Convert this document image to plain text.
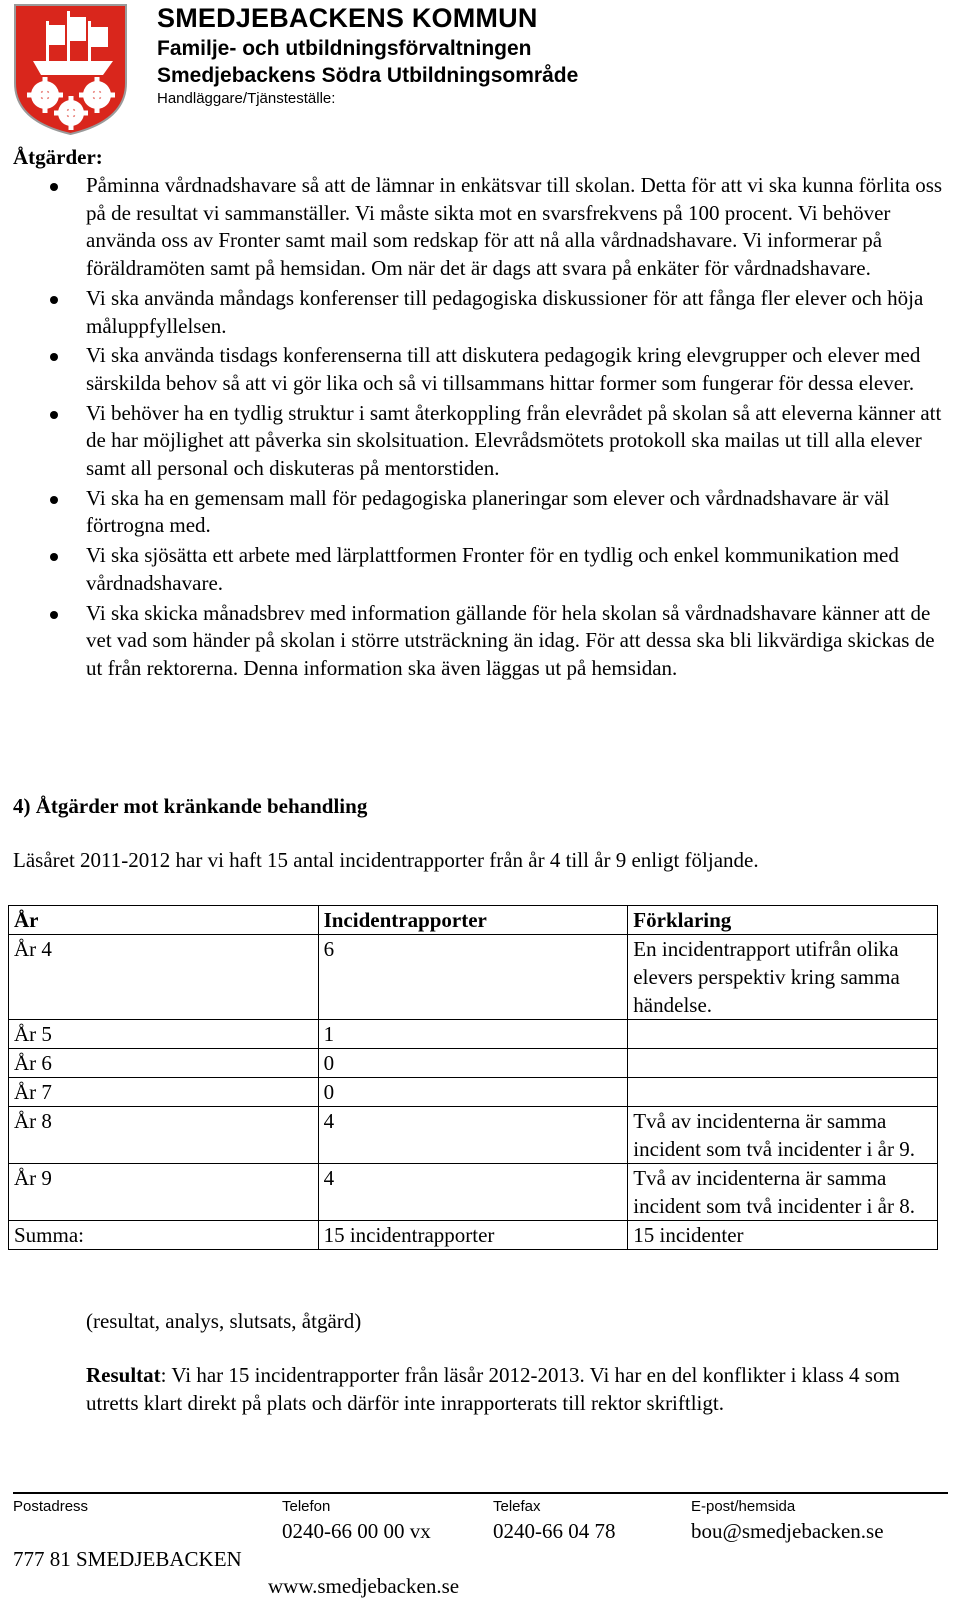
SMEDJEBACKENS KOMMUN
Familje- och utbildningsförvaltningen
Smedjebackens Södra Utbildningsområde
Handläggare/Tjänsteställe:
Åtgärder:
Påminna vårdnadshavare så att de lämnar in enkätsvar till skolan. Detta för att vi ska kunna förlita oss på de resultat vi sammanställer. Vi måste sikta mot en svarsfrekvens på 100 procent. Vi behöver använda oss av Fronter samt mail som redskap för att nå alla vårdnadshavare. Vi informerar på föräldramöten samt på hemsidan. Om när det är dags att svara på enkäter för vårdnadshavare.
Vi ska använda måndags konferenser till pedagogiska diskussioner för att fånga fler elever och höja måluppfyllelsen.
Vi ska använda tisdags konferenserna till att diskutera pedagogik kring elevgrupper och elever med särskilda behov så att vi gör lika och så vi tillsammans hittar former som fungerar för dessa elever.
Vi behöver ha en tydlig struktur i samt återkoppling från elevrådet på skolan så att eleverna känner att de har möjlighet att påverka sin skolsituation. Elevrådsmötets protokoll ska mailas ut till alla elever samt all personal och diskuteras på mentorstiden.
Vi ska ha en gemensam mall för pedagogiska planeringar som elever och vårdnadshavare är väl förtrogna med.
Vi ska sjösätta ett arbete med lärplattformen Fronter för en tydlig och enkel kommunikation med vårdnadshavare.
Vi ska skicka månadsbrev med information gällande för hela skolan så vårdnadshavare känner att de vet vad som händer på skolan i större utsträckning än idag. För att dessa ska bli likvärdiga skickas de ut från rektorerna. Denna information ska även läggas ut på hemsidan.
4) Åtgärder mot kränkande behandling
Läsåret 2011-2012 har vi haft 15 antal incidentrapporter från år 4 till år 9 enligt följande.
År	Incidentrapporter	Förklaring
År 4	6	En incidentrapport utifrån olika elevers perspektiv kring samma händelse.
År 5	1	
År 6	0	
År 7	0	
År 8	4	Två av incidenterna är samma incident som två incidenter i år 9.
År 9	4	Två av incidenterna är samma incident som två incidenter i år 8.
Summa:	15 incidentrapporter	15 incidenter
(resultat, analys, slutsats, åtgärd)
Resultat: Vi har 15 incidentrapporter från läsår 2012-2013. Vi har en del konflikter i klass 4 som utretts klart direkt på plats och därför inte inrapporterats till rektor skriftligt.
Postadress	Telefon	Telefax	E-post/hemsida
0240-66 00 00 vx	0240-66 04 78	bou@smedjebacken.se
777 81 SMEDJEBACKEN
www.smedjebacken.se
